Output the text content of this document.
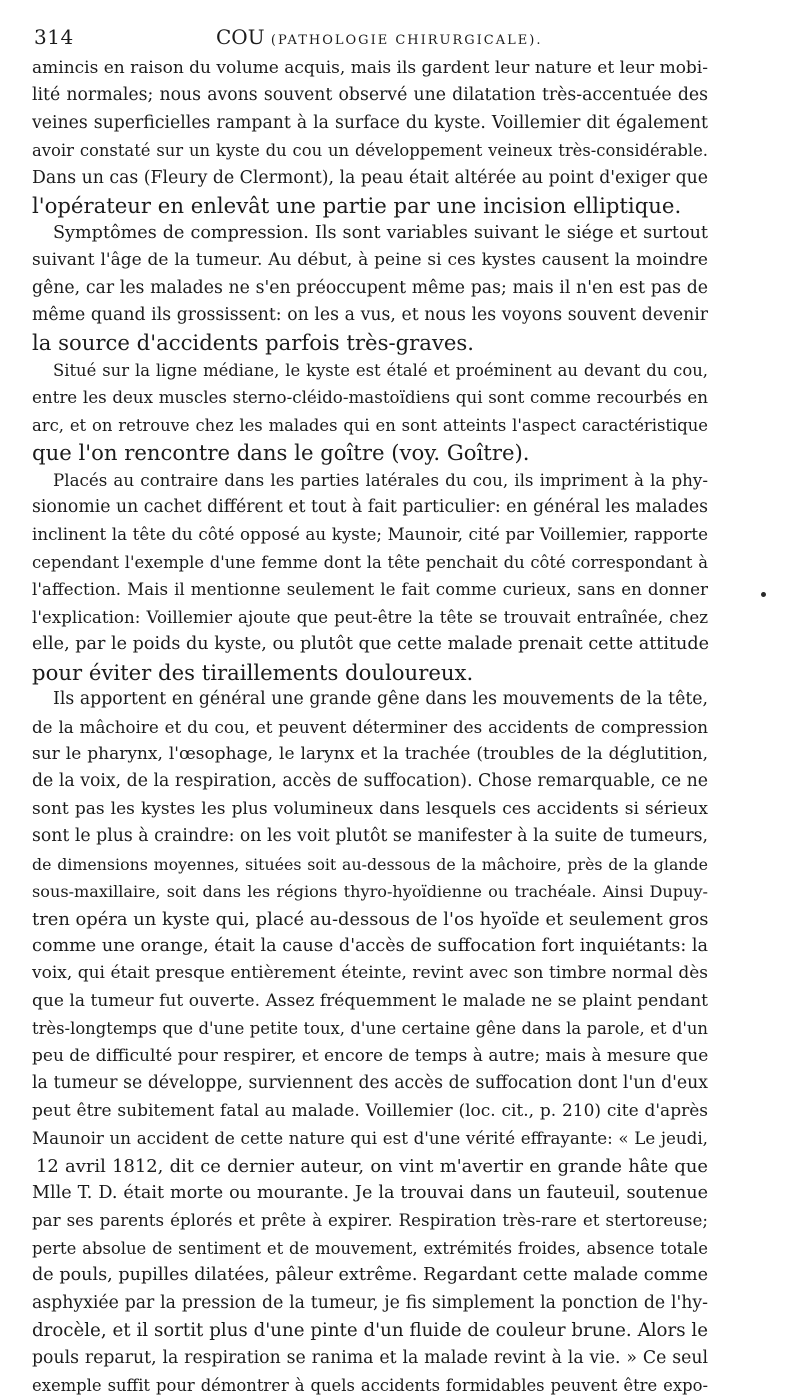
314	COU (PATHOLOGIE CHIRURGICALE).
amincis en raison du volume acquis, mais ils gardent leur nature et leur mobi-
lité normales; nous avons souvent observé une dilatation très-accentuée des
veines superficielles rampant à la surface du kyste. Voillemier dit également
avoir constaté sur un kyste du cou un développement veineux très-considérable.
Dans un cas (Fleury de Clermont), la peau était altérée au point d'exiger que
l'opérateur en enlevât une partie par une incision elliptique.
Symptômes de compression. Ils sont variables suivant le siége et surtout
suivant l'âge de la tumeur. Au début, à peine si ces kystes causent la moindre
gêne, car les malades ne s'en préoccupent même pas; mais il n'en est pas de
même quand ils grossissent: on les a vus, et nous les voyons souvent devenir
la source d'accidents parfois très-graves.
Situé sur la ligne médiane, le kyste est étalé et proéminent au devant du cou,
entre les deux muscles sterno-cléido-mastoïdiens qui sont comme recourbés en
arc, et on retrouve chez les malades qui en sont atteints l'aspect caractéristique
que l'on rencontre dans le goître (voy. Goître).
Placés au contraire dans les parties latérales du cou, ils impriment à la phy-
sionomie un cachet différent et tout à fait particulier: en général les malades
inclinent la tête du côté opposé au kyste; Maunoir, cité par Voillemier, rapporte
cependant l'exemple d'une femme dont la tête penchait du côté correspondant à
l'affection. Mais il mentionne seulement le fait comme curieux, sans en donner
l'explication: Voillemier ajoute que peut-être la tête se trouvait entraînée, chez
elle, par le poids du kyste, ou plutôt que cette malade prenait cette attitude
pour éviter des tiraillements douloureux.
Ils apportent en général une grande gêne dans les mouvements de la tête,
de la mâchoire et du cou, et peuvent déterminer des accidents de compression
sur le pharynx, l'œsophage, le larynx et la trachée (troubles de la déglutition,
de la voix, de la respiration, accès de suffocation). Chose remarquable, ce ne
sont pas les kystes les plus volumineux dans lesquels ces accidents si sérieux
sont le plus à craindre: on les voit plutôt se manifester à la suite de tumeurs,
de dimensions moyennes, situées soit au-dessous de la mâchoire, près de la glande
sous-maxillaire, soit dans les régions thyro-hyoïdienne ou trachéale. Ainsi Dupuy-
tren opéra un kyste qui, placé au-dessous de l'os hyoïde et seulement gros
comme une orange, était la cause d'accès de suffocation fort inquiétants: la
voix, qui était presque entièrement éteinte, revint avec son timbre normal dès
que la tumeur fut ouverte. Assez fréquemment le malade ne se plaint pendant
très-longtemps que d'une petite toux, d'une certaine gêne dans la parole, et d'un
peu de difficulté pour respirer, et encore de temps à autre; mais à mesure que
la tumeur se développe, surviennent des accès de suffocation dont l'un d'eux
peut être subitement fatal au malade. Voillemier (loc. cit., p. 210) cite d'après
Maunoir un accident de cette nature qui est d'une vérité effrayante: « Le jeudi,
12 avril 1812, dit ce dernier auteur, on vint m'avertir en grande hâte que
Mlle T. D. était morte ou mourante. Je la trouvai dans un fauteuil, soutenue
par ses parents éplorés et prête à expirer. Respiration très-rare et stertoreuse;
perte absolue de sentiment et de mouvement, extrémités froides, absence totale
de pouls, pupilles dilatées, pâleur extrême. Regardant cette malade comme
asphyxiée par la pression de la tumeur, je fis simplement la ponction de l'hy-
drocèle, et il sortit plus d'une pinte d'un fluide de couleur brune. Alors le
pouls reparut, la respiration se ranima et la malade revint à la vie. » Ce seul
exemple suffit pour démontrer à quels accidents formidables peuvent être expo-
